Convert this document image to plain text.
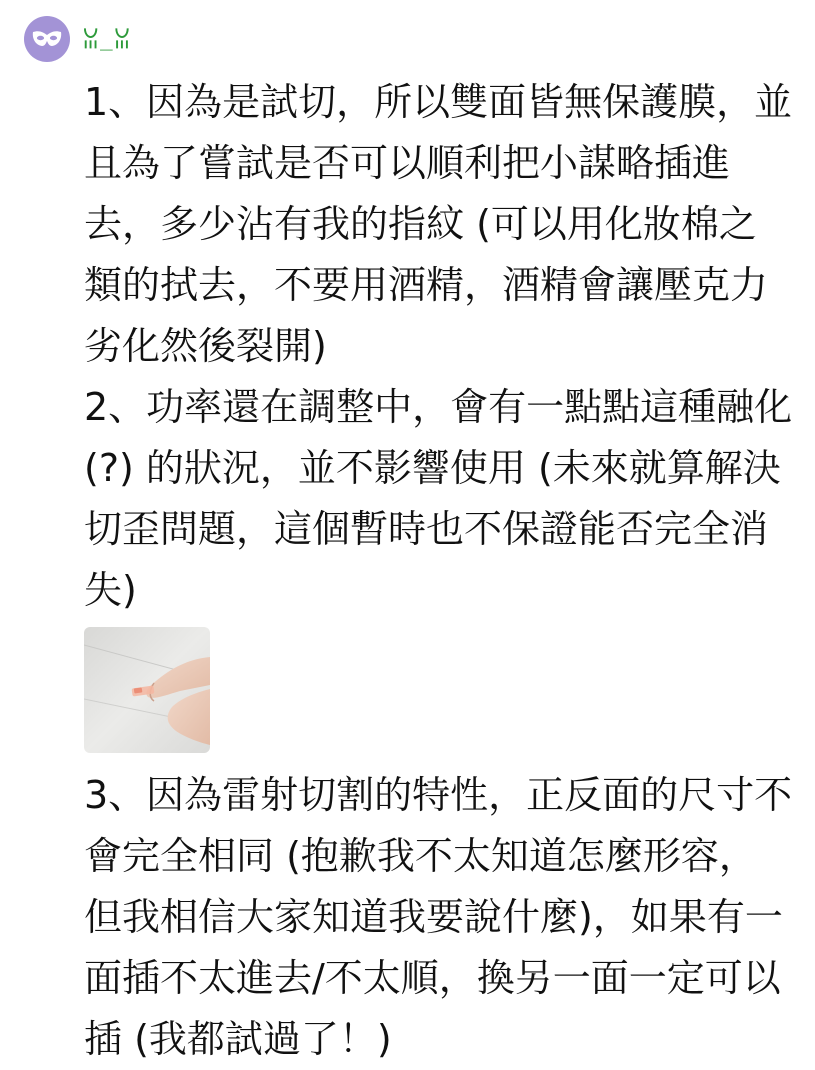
ꈍ_ꈍ

1、因為是試切，所以雙面皆無保護膜，並且為了嘗試是否可以順利把小謀略插進去，多少沾有我的指紋 (可以用化妝棉之類的拭去，不要用酒精，酒精會讓壓克力劣化然後裂開)

2、功率還在調整中，會有一點點這種融化 (?) 的狀況，並不影響使用 (未來就算解決切歪問題，這個暫時也不保證能否完全消失)

3、因為雷射切割的特性，正反面的尺寸不會完全相同 (抱歉我不太知道怎麼形容，但我相信大家知道我要說什麼)，如果有一面插不太進去/不太順，換另一面一定可以插 (我都試過了！)
